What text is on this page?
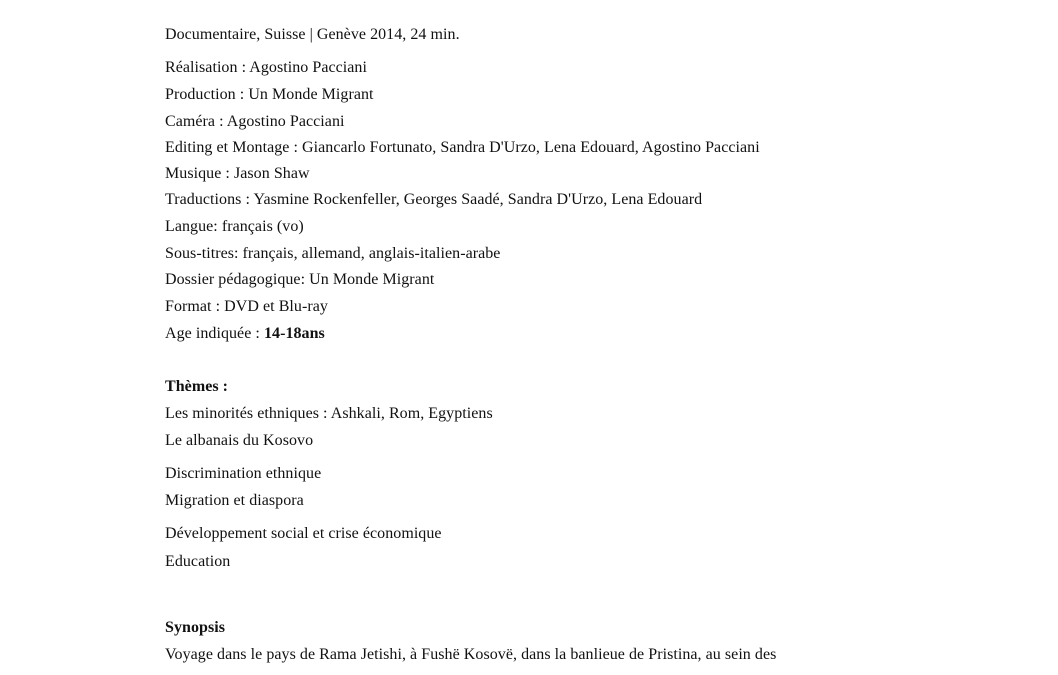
Documentaire, Suisse | Genève 2014, 24 min.
Réalisation : Agostino Pacciani
Production : Un Monde Migrant
Caméra : Agostino Pacciani
Editing et Montage : Giancarlo Fortunato, Sandra D'Urzo, Lena Edouard, Agostino Pacciani
Musique : Jason Shaw
Traductions : Yasmine Rockenfeller, Georges Saadé, Sandra D'Urzo, Lena Edouard
Langue: français (vo)
Sous-titres: français, allemand, anglais-italien-arabe
Dossier pédagogique: Un Monde Migrant
Format : DVD et Blu-ray
Age indiquée : 14-18ans
Thèmes :
Les minorités ethniques : Ashkali, Rom, Egyptiens
Le albanais du Kosovo
Discrimination ethnique
Migration et diaspora
Développement social et crise économique
Education
Synopsis
Voyage dans le pays de Rama Jetishi, à Fushë Kosovë, dans la banlieue de Pristina, au sein des
